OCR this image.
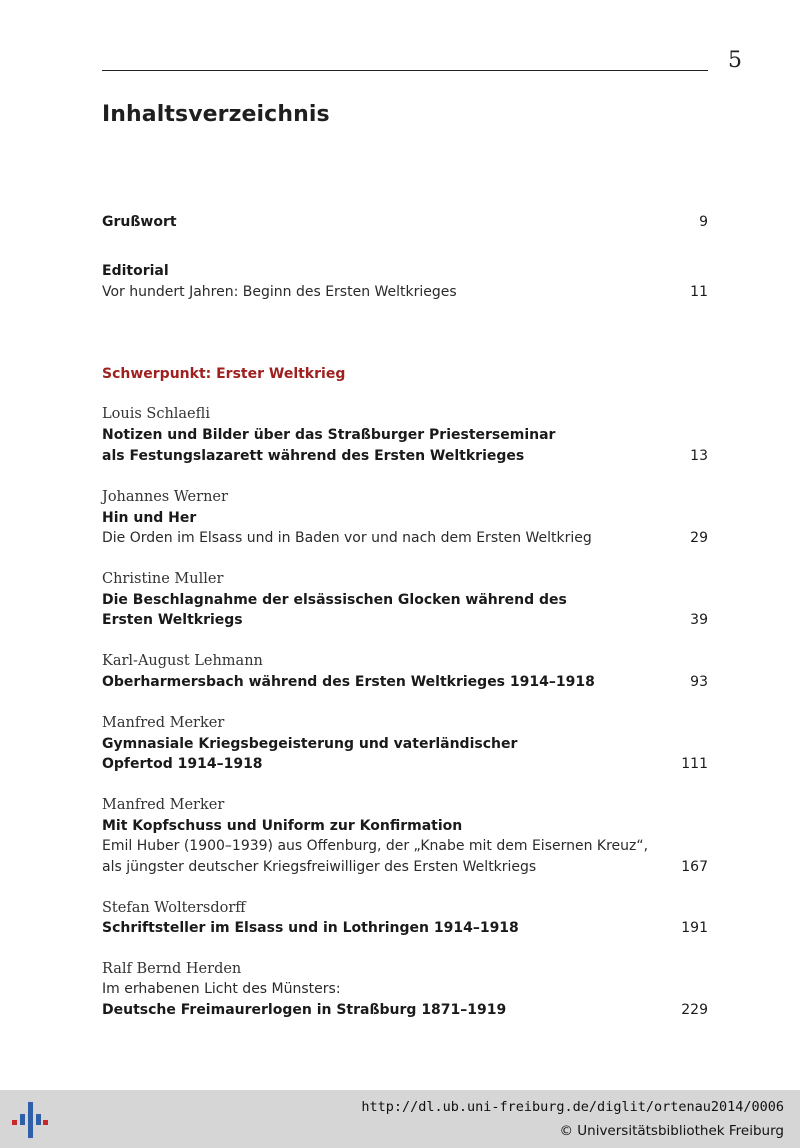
5
Inhaltsverzeichnis
Grußwort	9
Editorial
Vor hundert Jahren: Beginn des Ersten Weltkrieges	11
Schwerpunkt: Erster Weltkrieg
Louis Schlaefli
Notizen und Bilder über das Straßburger Priesterseminar
als Festungslazarett während des Ersten Weltkrieges	13
Johannes Werner
Hin und Her
Die Orden im Elsass und in Baden vor und nach dem Ersten Weltkrieg	29
Christine Muller
Die Beschlagnahme der elsässischen Glocken während des
Ersten Weltkriegs	39
Karl-August Lehmann
Oberharmersbach während des Ersten Weltkrieges 1914–1918	93
Manfred Merker
Gymnasiale Kriegsbegeisterung und vaterländischer
Opfertod 1914–1918	111
Manfred Merker
Mit Kopfschuss und Uniform zur Konfirmation
Emil Huber (1900–1939) aus Offenburg, der „Knabe mit dem Eisernen Kreuz“,
als jüngster deutscher Kriegsfreiwilliger des Ersten Weltkriegs	167
Stefan Woltersdorff
Schriftsteller im Elsass und in Lothringen 1914–1918	191
Ralf Bernd Herden
Im erhabenen Licht des Münsters:
Deutsche Freimaurerlogen in Straßburg 1871–1919	229
http://dl.ub.uni-freiburg.de/diglit/ortenau2014/0006
© Universitätsbibliothek Freiburg
